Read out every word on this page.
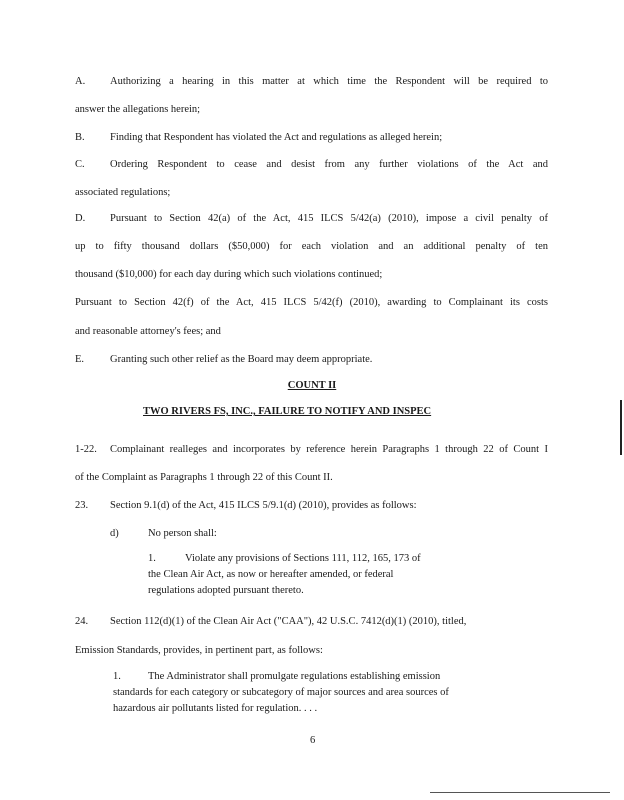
A. Authorizing a hearing in this matter at which time the Respondent will be required to
answer the allegations herein;
B. Finding that Respondent has violated the Act and regulations as alleged herein;
C. Ordering Respondent to cease and desist from any further violations of the Act and
associated regulations;
D. Pursuant to Section 42(a) of the Act, 415 ILCS 5/42(a) (2010), impose a civil penalty of
up to fifty thousand dollars ($50,000) for each violation and an additional penalty of ten
thousand ($10,000) for each day during which such violations continued;
Pursuant to Section 42(f) of the Act, 415 ILCS 5/42(f) (2010), awarding to Complainant its costs
and reasonable attorney's fees; and
E. Granting such other relief as the Board may deem appropriate.
COUNT II
TWO RIVERS FS, INC., FAILURE TO NOTIFY AND INSPEC
1-22. Complainant realleges and incorporates by reference herein Paragraphs 1 through 22 of Count I
of the Complaint as Paragraphs 1 through 22 of this Count II.
23. Section 9.1(d) of the Act, 415 ILCS 5/9.1(d) (2010), provides as follows:
d)	No person shall:
1.	Violate any provisions of Sections 111, 112, 165, 173 of
the Clean Air Act, as now or hereafter amended, or federal
regulations adopted pursuant thereto.
24. Section 112(d)(1) of the Clean Air Act ("CAA"), 42 U.S.C. 7412(d)(1) (2010), titled,
Emission Standards, provides, in pertinent part, as follows:
1.	The Administrator shall promulgate regulations establishing emission
standards for each category or subcategory of major sources and area sources of
hazardous air pollutants listed for regulation. . . .
6
